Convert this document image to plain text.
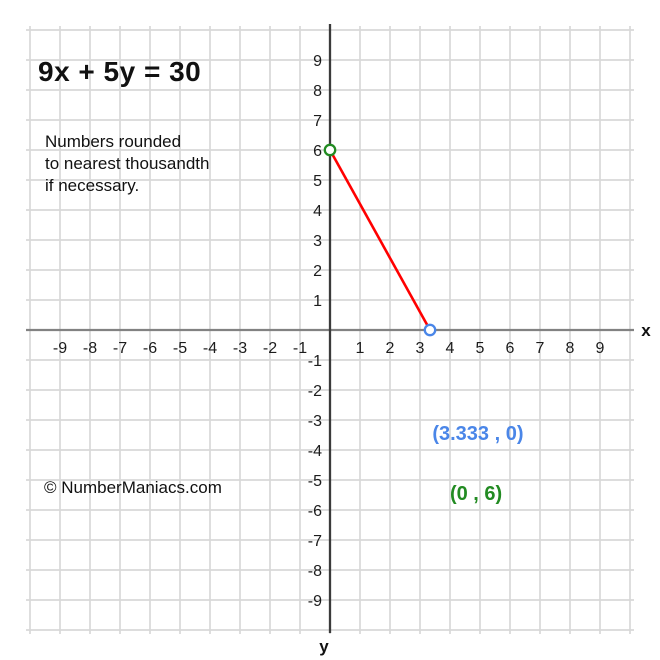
-9 -8 -7 -6 -5 -4 -3 -2 -1	1 2 3 4 5 6 7 8 9
-9
-8
-7
-6
-5
-4
-3
-2
-1
1
2
3
4
5
6
7
8
9
(3.333 , 0)
(0 , 6)
x
y
9x + 5y = 30
Numbers rounded
to nearest thousandth
if necessary.
© NumberManiacs.com
